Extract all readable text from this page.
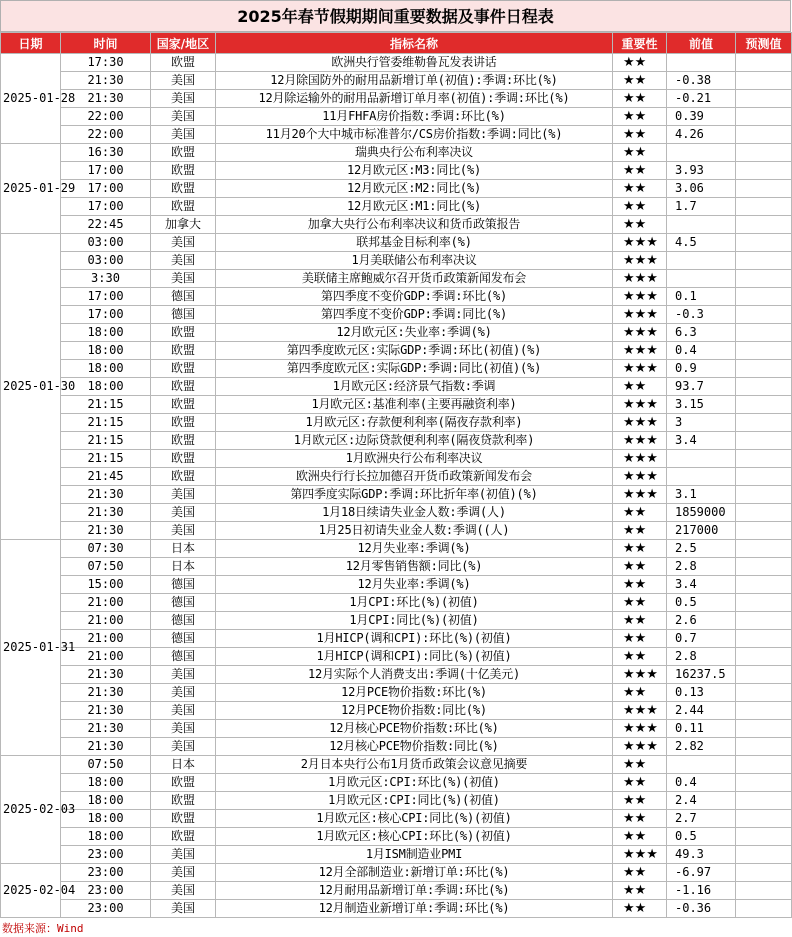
2025年春节假期期间重要数据及事件日程表
日期	时间	国家/地区	指标名称	重要性	前值	预测值
2025-01-28	17:30	欧盟	欧洲央行管委维勒鲁瓦发表讲话	★★		
	21:30	美国	12月除国防外的耐用品新增订单(初值):季调:环比(%)	★★	-0.38	
	21:30	美国	12月除运输外的耐用品新增订单月率(初值):季调:环比(%)	★★	-0.21	
	22:00	美国	11月FHFA房价指数:季调:环比(%)	★★	0.39	
	22:00	美国	11月20个大中城市标准普尔/CS房价指数:季调:同比(%)	★★	4.26	
2025-01-29	16:30	欧盟	瑞典央行公布利率决议	★★		
	17:00	欧盟	12月欧元区:M3:同比(%)	★★	3.93	
	17:00	欧盟	12月欧元区:M2:同比(%)	★★	3.06	
	17:00	欧盟	12月欧元区:M1:同比(%)	★★	1.7	
	22:45	加拿大	加拿大央行公布利率决议和货币政策报告	★★		
2025-01-30	03:00	美国	联邦基金目标利率(%)	★★★	4.5	
	03:00	美国	1月美联储公布利率决议	★★★		
	3:30	美国	美联储主席鲍威尔召开货币政策新闻发布会	★★★		
	17:00	德国	第四季度不变价GDP:季调:环比(%)	★★★	0.1	
	17:00	德国	第四季度不变价GDP:季调:同比(%)	★★★	-0.3	
	18:00	欧盟	12月欧元区:失业率:季调(%)	★★★	6.3	
	18:00	欧盟	第四季度欧元区:实际GDP:季调:环比(初值)(%)	★★★	0.4	
	18:00	欧盟	第四季度欧元区:实际GDP:季调:同比(初值)(%)	★★★	0.9	
	18:00	欧盟	1月欧元区:经济景气指数:季调	★★	93.7	
	21:15	欧盟	1月欧元区:基准利率(主要再融资利率)	★★★	3.15	
	21:15	欧盟	1月欧元区:存款便利利率(隔夜存款利率)	★★★	3	
	21:15	欧盟	1月欧元区:边际贷款便利利率(隔夜贷款利率)	★★★	3.4	
	21:15	欧盟	1月欧洲央行公布利率决议	★★★		
	21:45	欧盟	欧洲央行行长拉加德召开货币政策新闻发布会	★★★		
	21:30	美国	第四季度实际GDP:季调:环比折年率(初值)(%)	★★★	3.1	
	21:30	美国	1月18日续请失业金人数:季调(人)	★★	1859000	
	21:30	美国	1月25日初请失业金人数:季调((人)	★★	217000	
2025-01-31	07:30	日本	12月失业率:季调(%)	★★	2.5	
	07:50	日本	12月零售销售额:同比(%)	★★	2.8	
	15:00	德国	12月失业率:季调(%)	★★	3.4	
	21:00	德国	1月CPI:环比(%)(初值)	★★	0.5	
	21:00	德国	1月CPI:同比(%)(初值)	★★	2.6	
	21:00	德国	1月HICP(调和CPI):环比(%)(初值)	★★	0.7	
	21:00	德国	1月HICP(调和CPI):同比(%)(初值)	★★	2.8	
	21:30	美国	12月实际个人消费支出:季调(十亿美元)	★★★	16237.5	
	21:30	美国	12月PCE物价指数:环比(%)	★★	0.13	
	21:30	美国	12月PCE物价指数:同比(%)	★★★	2.44	
	21:30	美国	12月核心PCE物价指数:环比(%)	★★★	0.11	
	21:30	美国	12月核心PCE物价指数:同比(%)	★★★	2.82	
2025-02-03	07:50	日本	2月日本央行公布1月货币政策会议意见摘要	★★		
	18:00	欧盟	1月欧元区:CPI:环比(%)(初值)	★★	0.4	
	18:00	欧盟	1月欧元区:CPI:同比(%)(初值)	★★	2.4	
	18:00	欧盟	1月欧元区:核心CPI:同比(%)(初值)	★★	2.7	
	18:00	欧盟	1月欧元区:核心CPI:环比(%)(初值)	★★	0.5	
	23:00	美国	1月ISM制造业PMI	★★★	49.3	
2025-02-04	23:00	美国	12月全部制造业:新增订单:环比(%)	★★	-6.97	
	23:00	美国	12月耐用品新增订单:季调:环比(%)	★★	-1.16	
	23:00	美国	12月制造业新增订单:季调:环比(%)	★★	-0.36	
数据来源：Wind
